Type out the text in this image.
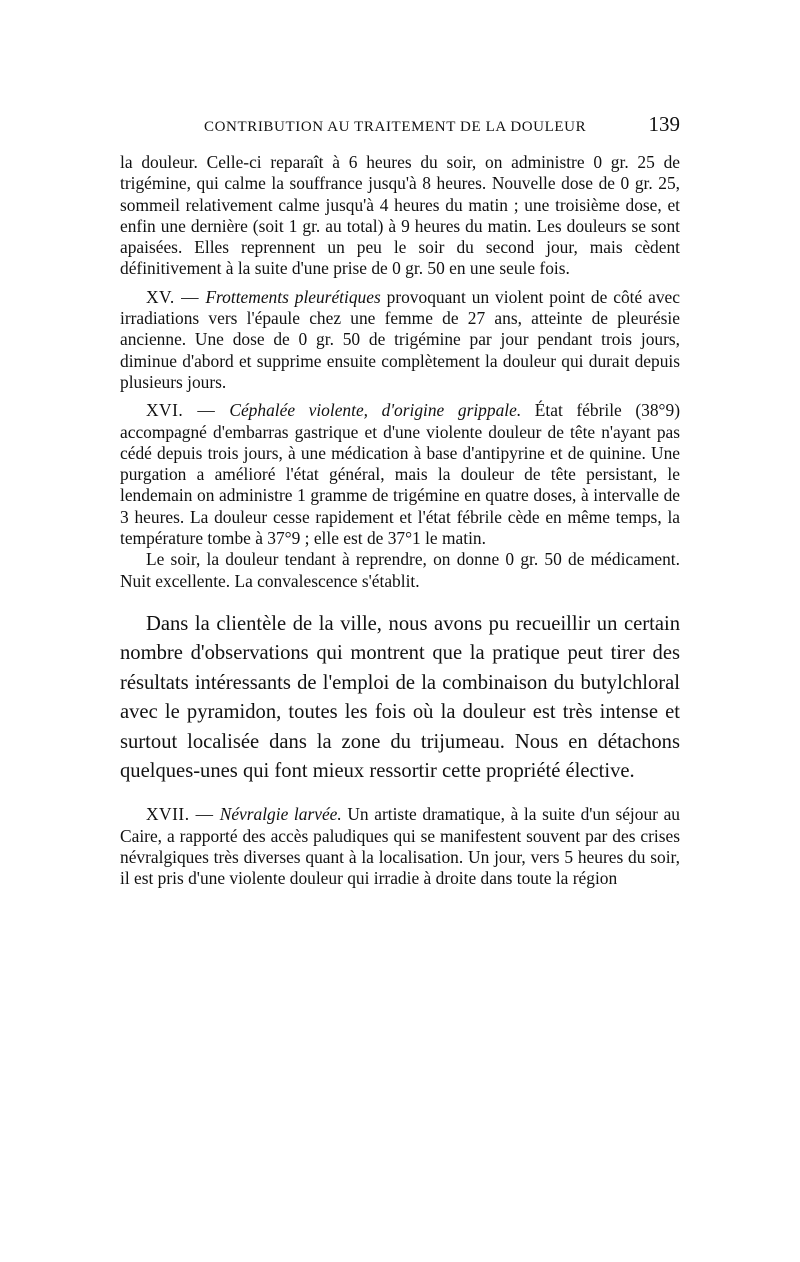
CONTRIBUTION AU TRAITEMENT DE LA DOULEUR	139

la douleur. Celle-ci reparaît à 6 heures du soir, on administre 0 gr. 25 de trigémine, qui calme la souffrance jusqu'à 8 heures. Nouvelle dose de 0 gr. 25, sommeil relativement calme jusqu'à 4 heures du matin ; une troisième dose, et enfin une dernière (soit 1 gr. au total) à 9 heures du matin. Les douleurs se sont apaisées. Elles reprennent un peu le soir du second jour, mais cèdent définitivement à la suite d'une prise de 0 gr. 50 en une seule fois.

XV. — Frottements pleurétiques provoquant un violent point de côté avec irradiations vers l'épaule chez une femme de 27 ans, atteinte de pleurésie ancienne. Une dose de 0 gr. 50 de trigémine par jour pendant trois jours, diminue d'abord et supprime ensuite complètement la douleur qui durait depuis plusieurs jours.

XVI. — Céphalée violente, d'origine grippale. État fébrile (38°9) accompagné d'embarras gastrique et d'une violente douleur de tête n'ayant pas cédé depuis trois jours, à une médication à base d'antipyrine et de quinine. Une purgation a amélioré l'état général, mais la douleur de tête persistant, le lendemain on administre 1 gramme de trigémine en quatre doses, à intervalle de 3 heures. La douleur cesse rapidement et l'état fébrile cède en même temps, la température tombe à 37°9 ; elle est de 37°1 le matin.

Le soir, la douleur tendant à reprendre, on donne 0 gr. 50 de médicament. Nuit excellente. La convalescence s'établit.

Dans la clientèle de la ville, nous avons pu recueillir un certain nombre d'observations qui montrent que la pratique peut tirer des résultats intéressants de l'emploi de la combinaison du butylchloral avec le pyramidon, toutes les fois où la douleur est très intense et surtout localisée dans la zone du trijumeau. Nous en détachons quelques-unes qui font mieux ressortir cette propriété élective.

XVII. — Névralgie larvée. Un artiste dramatique, à la suite d'un séjour au Caire, a rapporté des accès paludiques qui se manifestent souvent par des crises névralgiques très diverses quant à la localisation. Un jour, vers 5 heures du soir, il est pris d'une violente douleur qui irradie à droite dans toute la région
